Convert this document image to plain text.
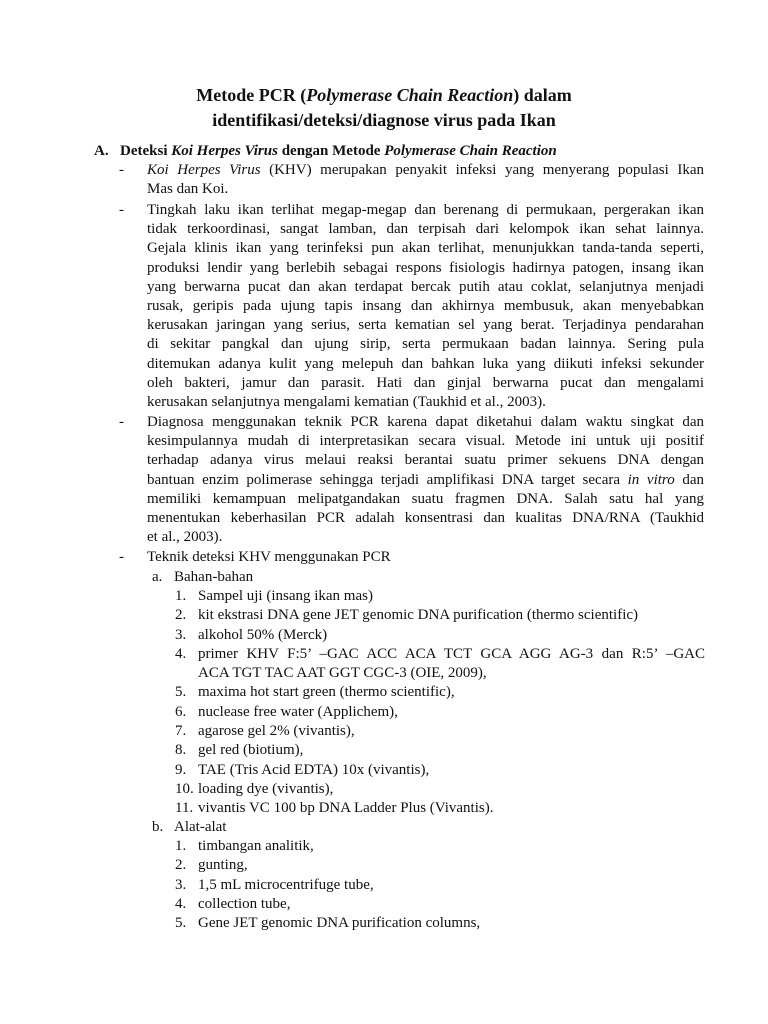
Metode PCR (Polymerase Chain Reaction) dalam
identifikasi/deteksi/diagnose virus pada Ikan
A. Deteksi Koi Herpes Virus dengan Metode Polymerase Chain Reaction
- Koi Herpes Virus (KHV) merupakan penyakit infeksi yang menyerang populasi Ikan
Mas dan Koi.
- Tingkah laku ikan terlihat megap-megap dan berenang di permukaan, pergerakan ikan
tidak terkoordinasi, sangat lamban, dan terpisah dari kelompok ikan sehat lainnya.
Gejala klinis ikan yang terinfeksi pun akan terlihat, menunjukkan tanda-tanda seperti,
produksi lendir yang berlebih sebagai respons fisiologis hadirnya patogen, insang ikan
yang berwarna pucat dan akan terdapat bercak putih atau coklat, selanjutnya menjadi
rusak, geripis pada ujung tapis insang dan akhirnya membusuk, akan menyebabkan
kerusakan jaringan yang serius, serta kematian sel yang berat. Terjadinya pendarahan
di sekitar pangkal dan ujung sirip, serta permukaan badan lainnya. Sering pula
ditemukan adanya kulit yang melepuh dan bahkan luka yang diikuti infeksi sekunder
oleh bakteri, jamur dan parasit. Hati dan ginjal berwarna pucat dan mengalami
kerusakan selanjutnya mengalami kematian (Taukhid et al., 2003).
- Diagnosa menggunakan teknik PCR karena dapat diketahui dalam waktu singkat dan
kesimpulannya mudah di interpretasikan secara visual. Metode ini untuk uji positif
terhadap adanya virus melaui reaksi berantai suatu primer sekuens DNA dengan
bantuan enzim polimerase sehingga terjadi amplifikasi DNA target secara in vitro dan
memiliki kemampuan melipatgandakan suatu fragmen DNA. Salah satu hal yang
menentukan keberhasilan PCR adalah konsentrasi dan kualitas DNA/RNA (Taukhid
et al., 2003).
- Teknik deteksi KHV menggunakan PCR
a. Bahan-bahan
1. Sampel uji (insang ikan mas)
2. kit ekstrasi DNA gene JET genomic DNA purification (thermo scientific)
3. alkohol 50% (Merck)
4. primer KHV F:5’ –GAC ACC ACA TCT GCA AGG AG-3 dan R:5’ –GAC
ACA TGT TAC AAT GGT CGC-3 (OIE, 2009),
5. maxima hot start green (thermo scientific),
6. nuclease free water (Applichem),
7. agarose gel 2% (vivantis),
8. gel red (biotium),
9. TAE (Tris Acid EDTA) 10x (vivantis),
10. loading dye (vivantis),
11. vivantis VC 100 bp DNA Ladder Plus (Vivantis).
b. Alat-alat
1. timbangan analitik,
2. gunting,
3. 1,5 mL microcentrifuge tube,
4. collection tube,
5. Gene JET genomic DNA purification columns,
